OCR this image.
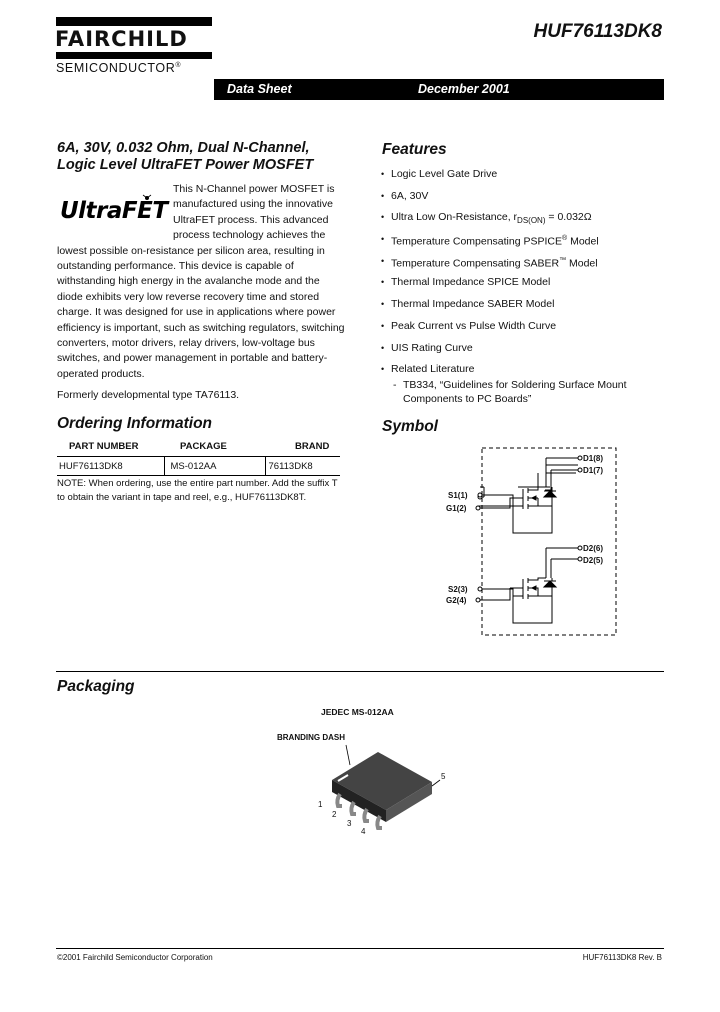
FAIRCHILD
SEMICONDUCTOR®
HUF76113DK8
Data Sheet	December 2001
6A, 30V, 0.032 Ohm, Dual N-Channel,
Logic Level UltraFET Power MOSFET
UltraFET
This N-Channel power MOSFET is
manufactured using the innovative
UltraFET process. This advanced
process technology achieves the
lowest possible on-resistance per silicon area, resulting in
outstanding performance. This device is capable of
withstanding high energy in the avalanche mode and the
diode exhibits very low reverse recovery time and stored
charge. It was designed for use in applications where power
efficiency is important, such as switching regulators, switching
converters, motor drivers, relay drivers, low-voltage bus
switches, and power management in portable and battery-
operated products.
Formerly developmental type TA76113.
Ordering Information
PART NUMBER	PACKAGE	BRAND
HUF76113DK8	MS-012AA	76113DK8
NOTE: When ordering, use the entire part number. Add the suffix T
to obtain the variant in tape and reel, e.g., HUF76113DK8T.
Features
• Logic Level Gate Drive
• 6A, 30V
• Ultra Low On-Resistance, $r_{DS(ON)} = 0.032\Omega$
• Temperature Compensating PSPICE® Model
• Temperature Compensating SABER™ Model
• Thermal Impedance SPICE Model
• Thermal Impedance SABER Model
• Peak Current vs Pulse Width Curve
• UIS Rating Curve
• Related Literature
- TB334, “Guidelines for Soldering Surface Mount
Components to PC Boards”
Symbol
D1(8)
D1(7)
D2(6)
D2(5)
S1(1)
G1(2)
S2(3)
G2(4)
Packaging
JEDEC MS-012AA
BRANDING DASH
1
2
3
4
5
©2001 Fairchild Semiconductor Corporation	HUF76113DK8 Rev. B
